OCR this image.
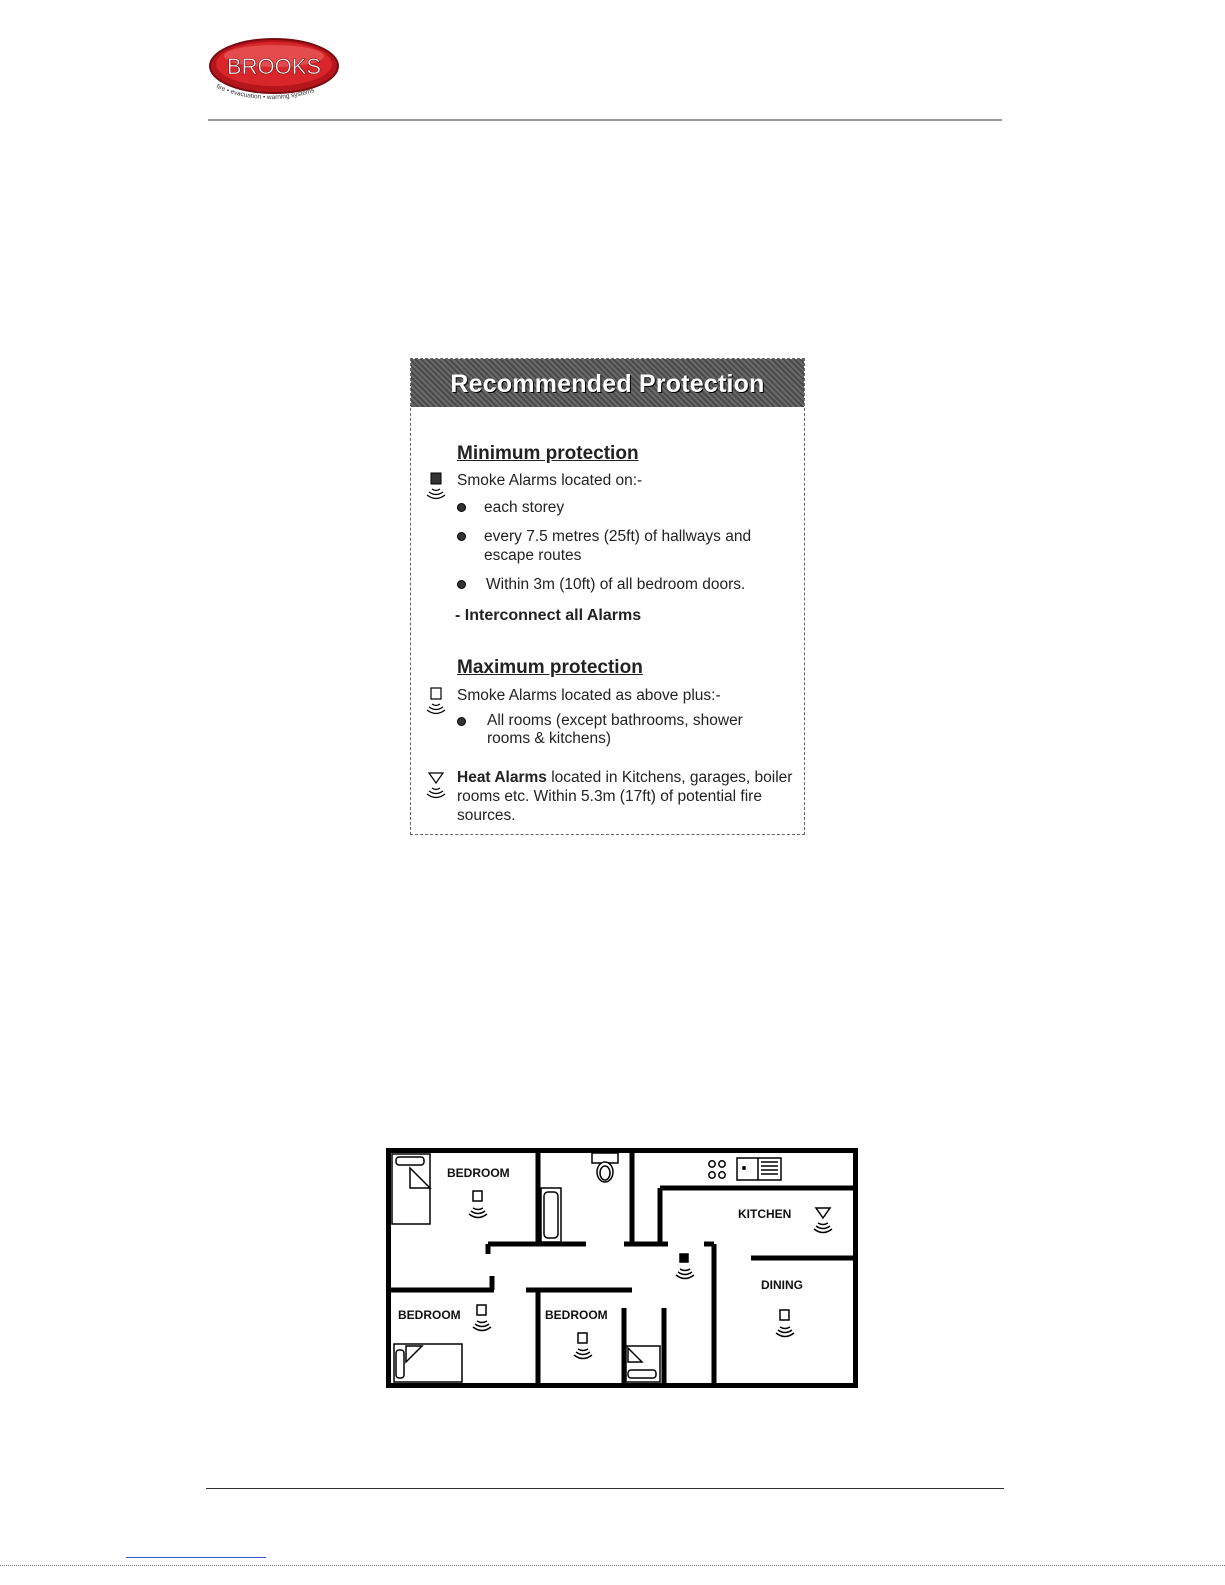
BROOKS
fire • evacuation • warning systems
Recommended Protection
Minimum protection
Smoke Alarms located on:-
each storey
every 7.5 metres (25ft) of hallways and escape routes
Within 3m (10ft) of all bedroom doors.
- Interconnect all Alarms
Maximum protection
Smoke Alarms located as above plus:-
All rooms (except bathrooms, shower rooms & kitchens)
Heat Alarms located in Kitchens, garages, boiler rooms etc. Within 5.3m (17ft) of potential fire sources.
BEDROOM
BEDROOM	BEDROOM
KITCHEN
DINING
